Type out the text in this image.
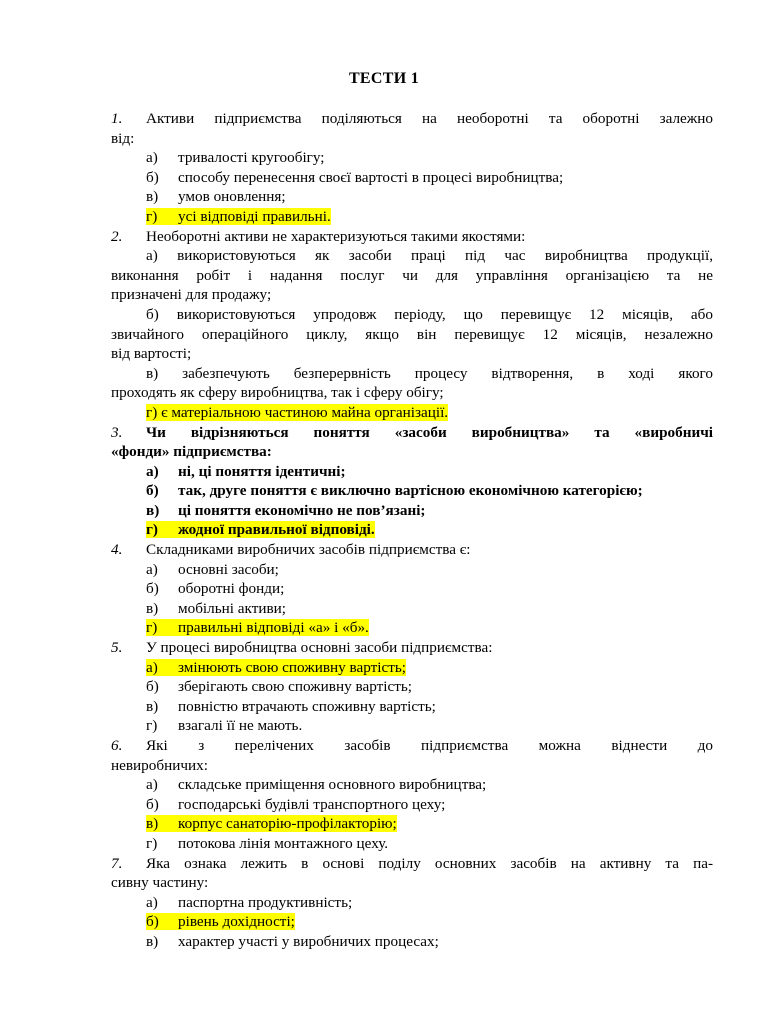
ТЕСТИ 1
1. Активи підприємства поділяються на необоротні та оборотні залежно
від:
а) тривалості кругообігу;
б) способу перенесення своєї вартості в процесі виробництва;
в) умов оновлення;
г) усі відповіді правильні.
2. Необоротні активи не характеризуються такими якостями:
а) використовуються як засоби праці під час виробництва продукції,
виконання робіт і надання послуг чи для управління організацією та не
призначені для продажу;
б) використовуються упродовж періоду, що перевищує 12 місяців, або
звичайного операційного циклу, якщо він перевищує 12 місяців, незалежно
від вартості;
в) забезпечують безперервність процесу відтворення, в ході якого
проходять як сферу виробництва, так і сферу обігу;
г) є матеріальною частиною майна організації.
3. Чи відрізняються поняття «засоби виробництва» та «виробничі
«фонди» підприємства:
а) ні, ці поняття ідентичні;
б) так, друге поняття є виключно вартісною економічною категорією;
в) ці поняття економічно не пов’язані;
г) жодної правильної відповіді.
4. Складниками виробничих засобів підприємства є:
а) основні засоби;
б) оборотні фонди;
в) мобільні активи;
г) правильні відповіді «а» і «б».
5. У процесі виробництва основні засоби підприємства:
а) змінюють свою споживну вартість;
б) зберігають свою споживну вартість;
в) повністю втрачають споживну вартість;
г) взагалі її не мають.
6. Які з перелічених засобів підприємства можна віднести до
невиробничих:
а) складське приміщення основного виробництва;
б) господарські будівлі транспортного цеху;
в) корпус санаторію-профілакторію;
г) потокова лінія монтажного цеху.
7. Яка ознака лежить в основі поділу основних засобів на активну та па-
сивну частину:
а) паспортна продуктивність;
б) рівень дохідності;
в) характер участі у виробничих процесах;
